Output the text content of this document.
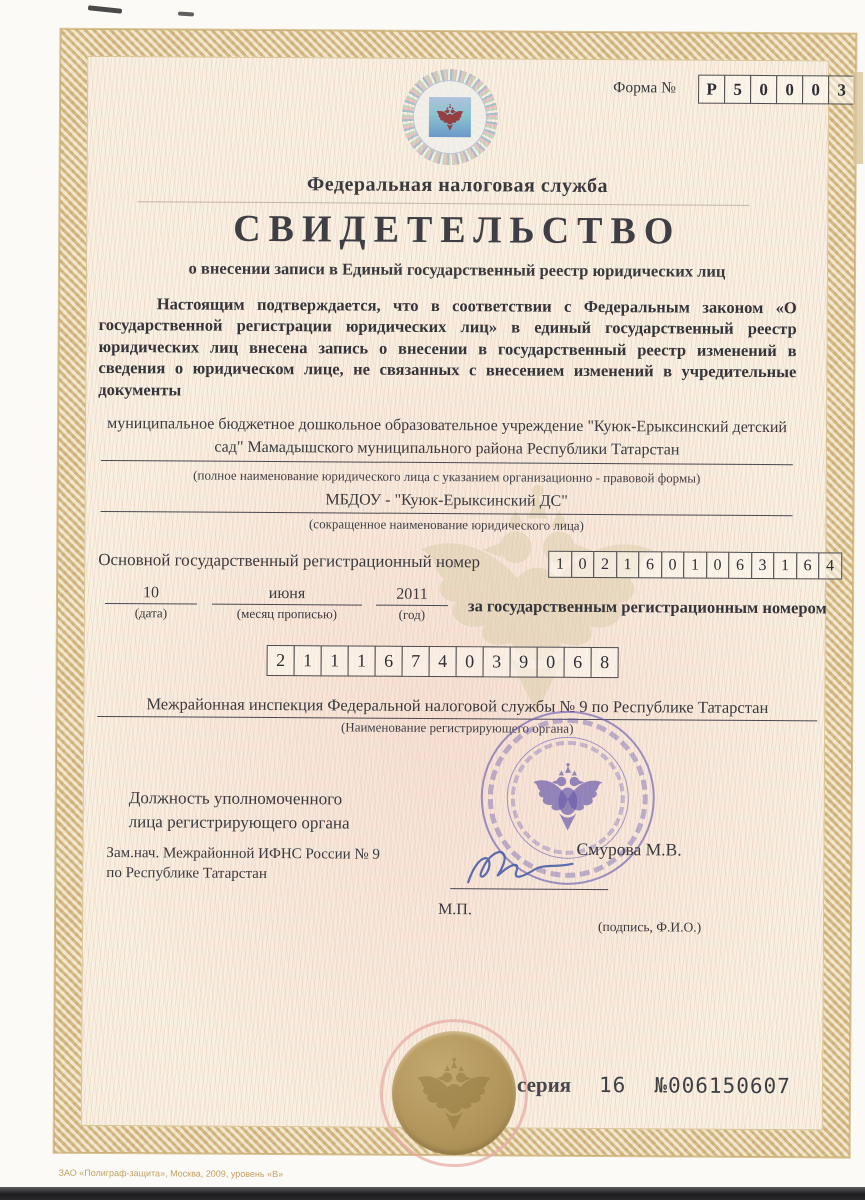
Форма №	Р 5	0	0	0	3
Федеральная налоговая служба
СВИДЕТЕЛЬСТВО
о внесении записи в Единый государственный реестр юридических лиц
Настоящим подтверждается, что в соответствии с Федеральным законом «О государственной регистрации юридических лиц» в единый государственный реестр юридических лиц внесена запись о внесении в государственный реестр изменений в сведения о юридическом лице, не связанных с внесением изменений в учредительные документы
муниципальное бюджетное дошкольное образовательное учреждение "Куюк-Ерыксинский детский сад" Мамадышского муниципального района Республики Татарстан
(полное наименование юридического лица с указанием организационно - правовой формы)
МБДОУ - "Куюк-Ерыксинский ДС"
(сокращенное наименование юридического лица)
Основной государственный регистрационный номер	1 0 2 1 6 0 1 0 6 3 1 6 4
10
(дата)
июня
(месяц прописью)
2011
(год)	за государственным регистрационным номером
2 1 1 1 6 7 4 0 3 9 0 6 8
Межрайонная инспекция Федеральной налоговой службы № 9 по Республике Татарстан
(Наименование регистрирующего органа)
Должность уполномоченного
лица регистрирующего органа
Зам.нач. Межрайонной ИФНС России № 9
по Республике Татарстан
Смурова М.В.
М.П.
(подпись, Ф.И.О.)
серия 16 №006150607
ЗАО «Полиграф-защита», Москва, 2009, уровень «В»
